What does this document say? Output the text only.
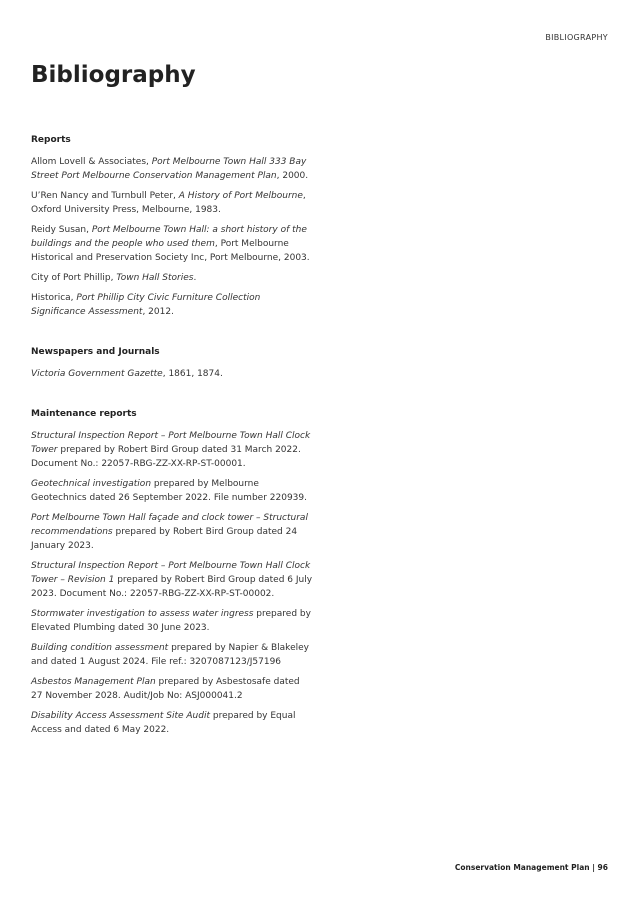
BIBLIOGRAPHY
Bibliography
Reports

Allom Lovell & Associates, Port Melbourne Town Hall 333 Bay Street Port Melbourne Conservation Management Plan, 2000.

U’Ren Nancy and Turnbull Peter, A History of Port Melbourne, Oxford University Press, Melbourne, 1983.

Reidy Susan, Port Melbourne Town Hall: a short history of the buildings and the people who used them, Port Melbourne Historical and Preservation Society Inc, Port Melbourne, 2003.

City of Port Phillip, Town Hall Stories.

Historica, Port Phillip City Civic Furniture Collection Significance Assessment, 2012.

Newspapers and Journals

Victoria Government Gazette, 1861, 1874.

Maintenance reports

Structural Inspection Report – Port Melbourne Town Hall Clock Tower prepared by Robert Bird Group dated 31 March 2022. Document No.: 22057-RBG-ZZ-XX-RP-ST-00001.

Geotechnical investigation prepared by Melbourne Geotechnics dated 26 September 2022. File number 220939.

Port Melbourne Town Hall façade and clock tower – Structural recommendations prepared by Robert Bird Group dated 24 January 2023.

Structural Inspection Report – Port Melbourne Town Hall Clock Tower – Revision 1 prepared by Robert Bird Group dated 6 July 2023. Document No.: 22057-RBG-ZZ-XX-RP-ST-00002.

Stormwater investigation to assess water ingress prepared by Elevated Plumbing dated 30 June 2023.

Building condition assessment prepared by Napier & Blakeley and dated 1 August 2024. File ref.: 3207087123/J57196

Asbestos Management Plan prepared by Asbestosafe dated 27 November 2028. Audit/Job No: ASJ000041.2

Disability Access Assessment Site Audit prepared by Equal Access and dated 6 May 2022.

Conservation Management Plan | 96
